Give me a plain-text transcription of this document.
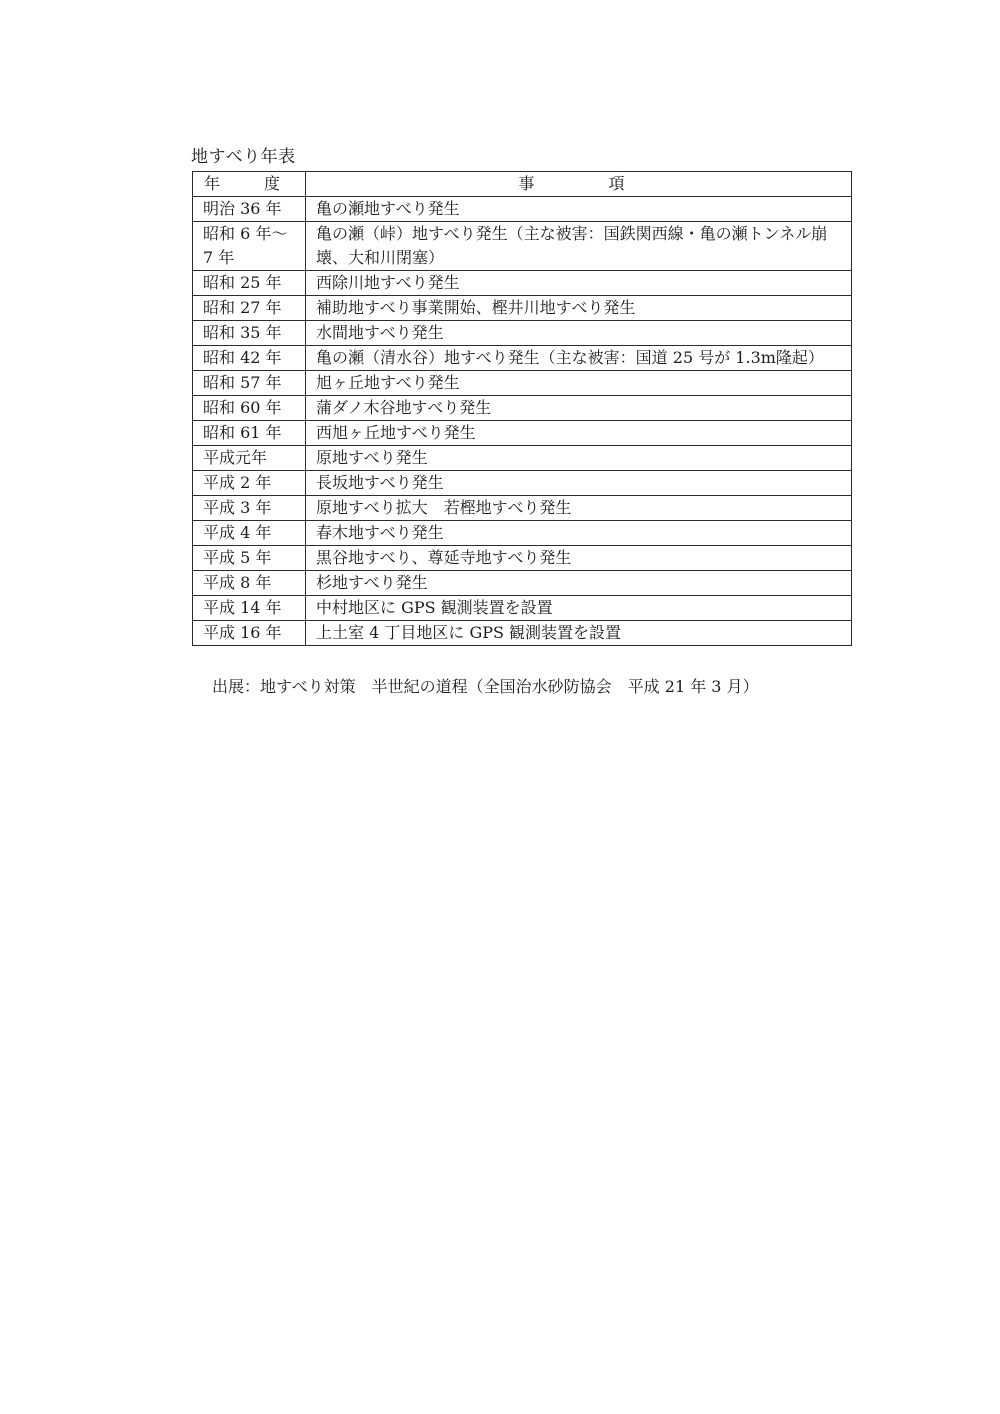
地すべり年表
年　度	事　　項
明治 36 年	亀の瀬地すべり発生
昭和 6 年〜7 年	亀の瀬（峠）地すべり発生（主な被害：国鉄関西線・亀の瀬トンネル崩壊、大和川閉塞）
昭和 25 年	西除川地すべり発生
昭和 27 年	補助地すべり事業開始、樫井川地すべり発生
昭和 35 年	水間地すべり発生
昭和 42 年	亀の瀬（清水谷）地すべり発生（主な被害：国道 25 号が 1.3m隆起）
昭和 57 年	旭ヶ丘地すべり発生
昭和 60 年	蒲ダノ木谷地すべり発生
昭和 61 年	西旭ヶ丘地すべり発生
平成元年	原地すべり発生
平成 2 年	長坂地すべり発生
平成 3 年	原地すべり拡大　若樫地すべり発生
平成 4 年	春木地すべり発生
平成 5 年	黒谷地すべり、尊延寺地すべり発生
平成 8 年	杉地すべり発生
平成 14 年	中村地区に GPS 観測装置を設置
平成 16 年	上土室 4 丁目地区に GPS 観測装置を設置
出展：地すべり対策　半世紀の道程（全国治水砂防協会　平成 21 年 3 月）
